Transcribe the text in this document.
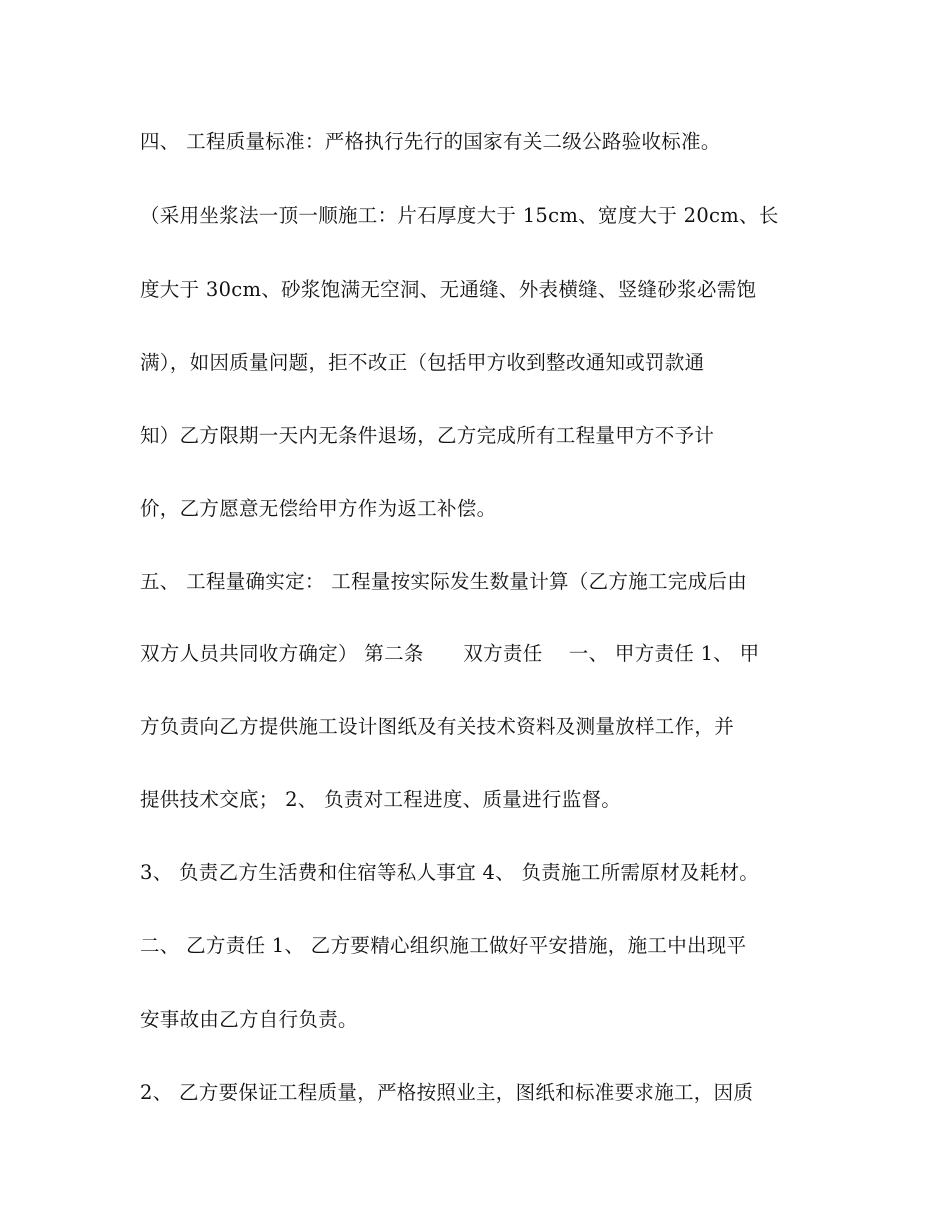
四、 工程质量标准：严格执行先行的国家有关二级公路验收标准。
（采用坐浆法一顶一顺施工：片石厚度大于 15cm、宽度大于 20cm、长
度大于 30cm、砂浆饱满无空洞、无通缝、外表横缝、竖缝砂浆必需饱
满），如因质量问题，拒不改正（包括甲方收到整改通知或罚款通
知）乙方限期一天内无条件退场，乙方完成所有工程量甲方不予计
价，乙方愿意无偿给甲方作为返工补偿。
五、 工程量确实定： 工程量按实际发生数量计算（乙方施工完成后由
双方人员共同收方确定） 第二条　　双方责任　 一、 甲方责任 1、 甲
方负责向乙方提供施工设计图纸及有关技术资料及测量放样工作，并
提供技术交底； 2、 负责对工程进度、质量进行监督。
3、 负责乙方生活费和住宿等私人事宜 4、 负责施工所需原材及耗材。
二、 乙方责任 1、 乙方要精心组织施工做好平安措施，施工中出现平
安事故由乙方自行负责。
2、 乙方要保证工程质量，严格按照业主，图纸和标准要求施工，因质
